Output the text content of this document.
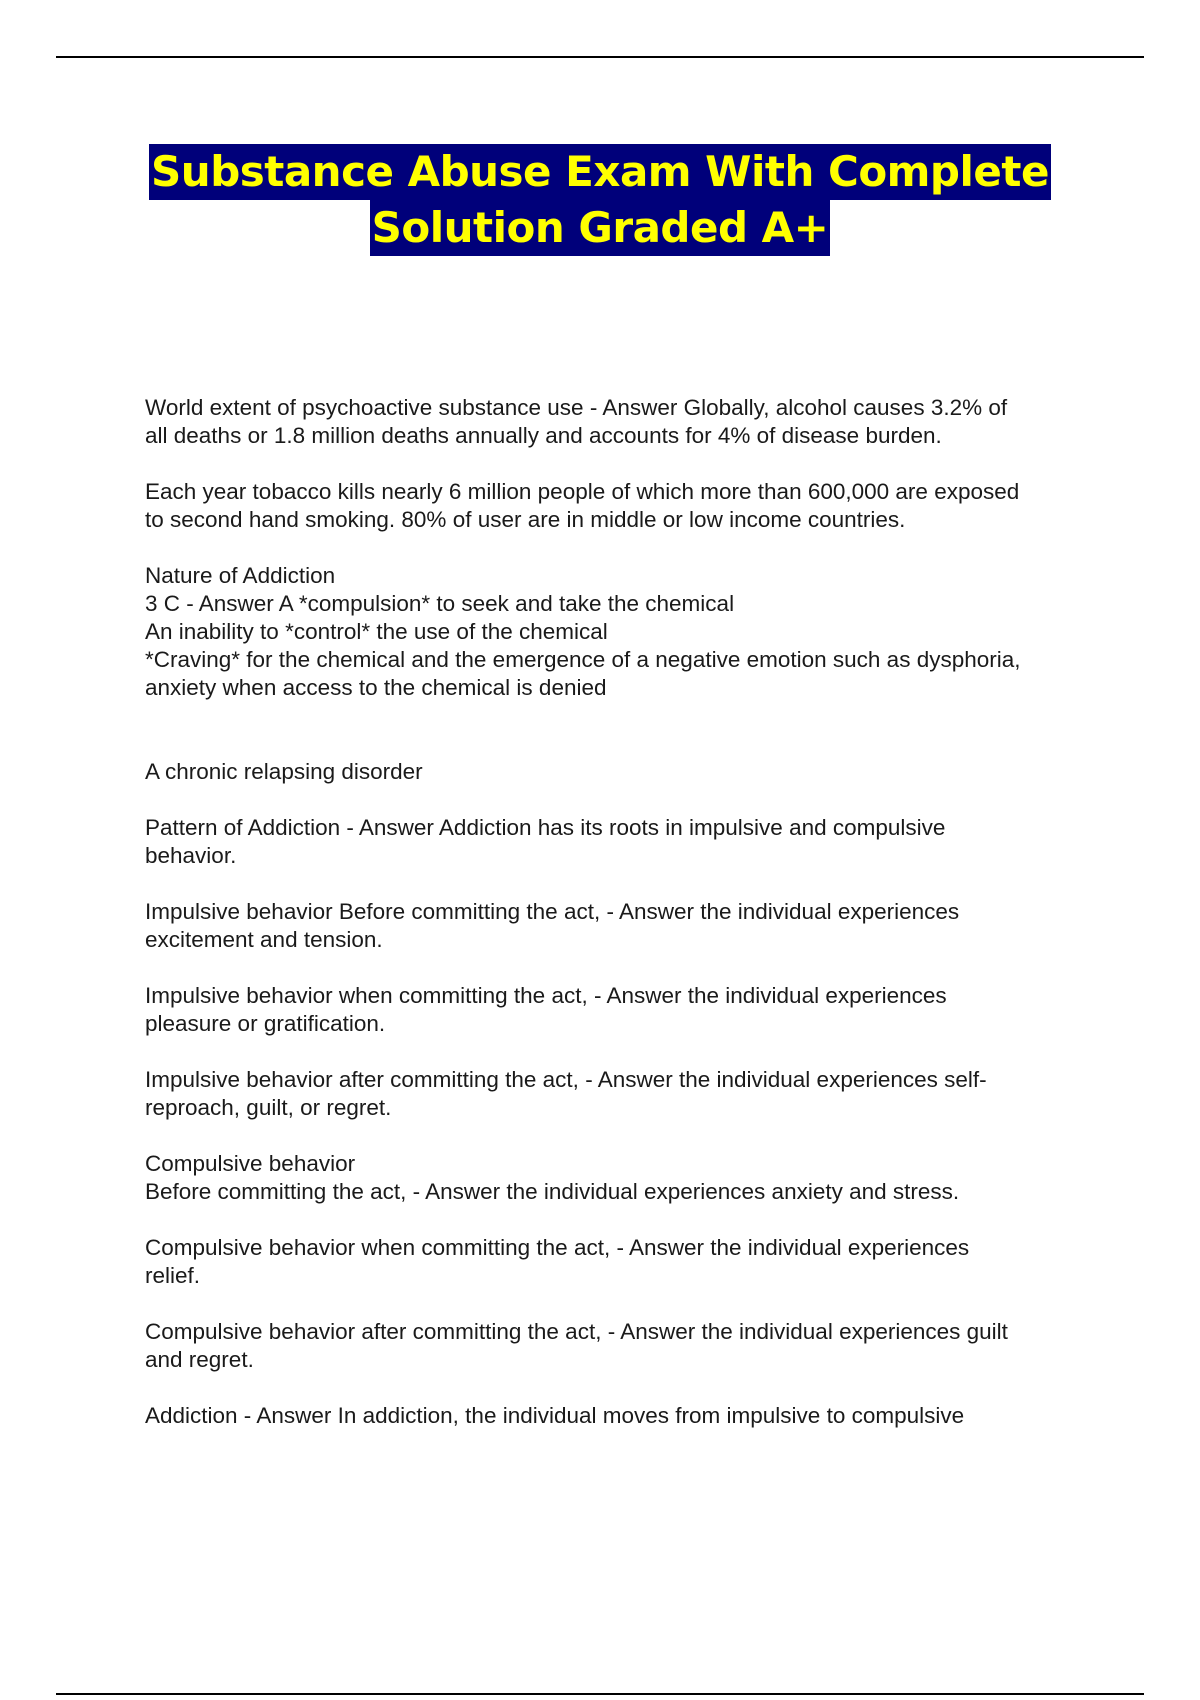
Substance Abuse Exam With Complete
Solution Graded A+

World extent of psychoactive substance use - Answer Globally, alcohol causes 3.2% of
all deaths or 1.8 million deaths annually and accounts for 4% of disease burden.

Each year tobacco kills nearly 6 million people of which more than 600,000 are exposed
to second hand smoking. 80% of user are in middle or low income countries.

Nature of Addiction
3 C - Answer A *compulsion* to seek and take the chemical
An inability to *control* the use of the chemical
*Craving* for the chemical and the emergence of a negative emotion such as dysphoria,
anxiety when access to the chemical is denied

A chronic relapsing disorder

Pattern of Addiction - Answer Addiction has its roots in impulsive and compulsive
behavior.

Impulsive behavior Before committing the act, - Answer the individual experiences
excitement and tension.

Impulsive behavior when committing the act, - Answer the individual experiences
pleasure or gratification.

Impulsive behavior after committing the act, - Answer the individual experiences self-
reproach, guilt, or regret.

Compulsive behavior
Before committing the act, - Answer the individual experiences anxiety and stress.

Compulsive behavior when committing the act, - Answer the individual experiences
relief.

Compulsive behavior after committing the act, - Answer the individual experiences guilt
and regret.

Addiction - Answer In addiction, the individual moves from impulsive to compulsive
